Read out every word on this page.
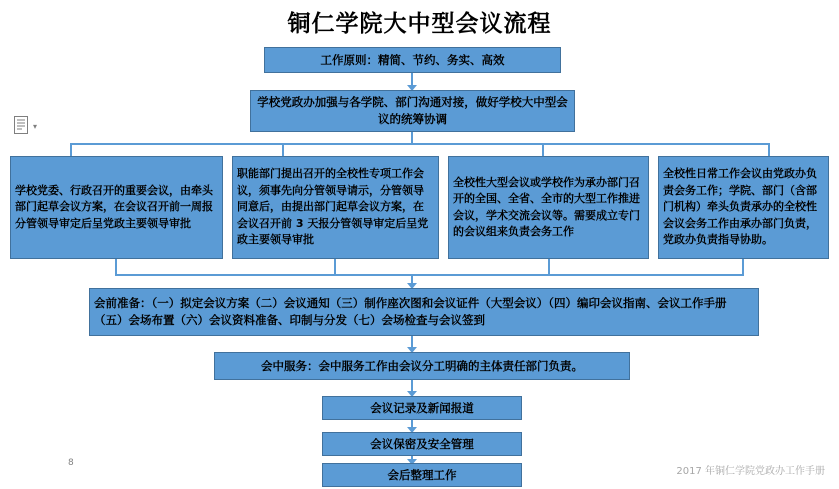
▾
铜仁学院大中型会议流程
工作原则：精简、节约、务实、高效
学校党政办加强与各学院、部门沟通对接，做好学校大中型会议的统筹协调
学校党委、行政召开的重要会议，由牵头部门起草会议方案，在会议召开前一周报分管领导审定后呈党政主要领导审批
职能部门提出召开的全校性专项工作会议，须事先向分管领导请示，分管领导同意后，由提出部门起草会议方案，在会议召开前 3 天报分管领导审定后呈党政主要领导审批
全校性大型会议或学校作为承办部门召开的全国、全省、全市的大型工作推进会议，学术交流会议等。需要成立专门的会议组来负责会务工作
全校性日常工作会议由党政办负责会务工作；学院、部门（含部门机构）牵头负责承办的全校性会议会务工作由承办部门负责，党政办负责指导协助。
会前准备：（一）拟定会议方案（二）会议通知（三）制作座次图和会议证件（大型会议）（四）编印会议指南、会议工作手册（五）会场布置（六）会议资料准备、印制与分发（七）会场检查与会议签到
会中服务：会中服务工作由会议分工明确的主体责任部门负责。
会议记录及新闻报道
会议保密及安全管理
会后整理工作
8
2017 年铜仁学院党政办工作手册
